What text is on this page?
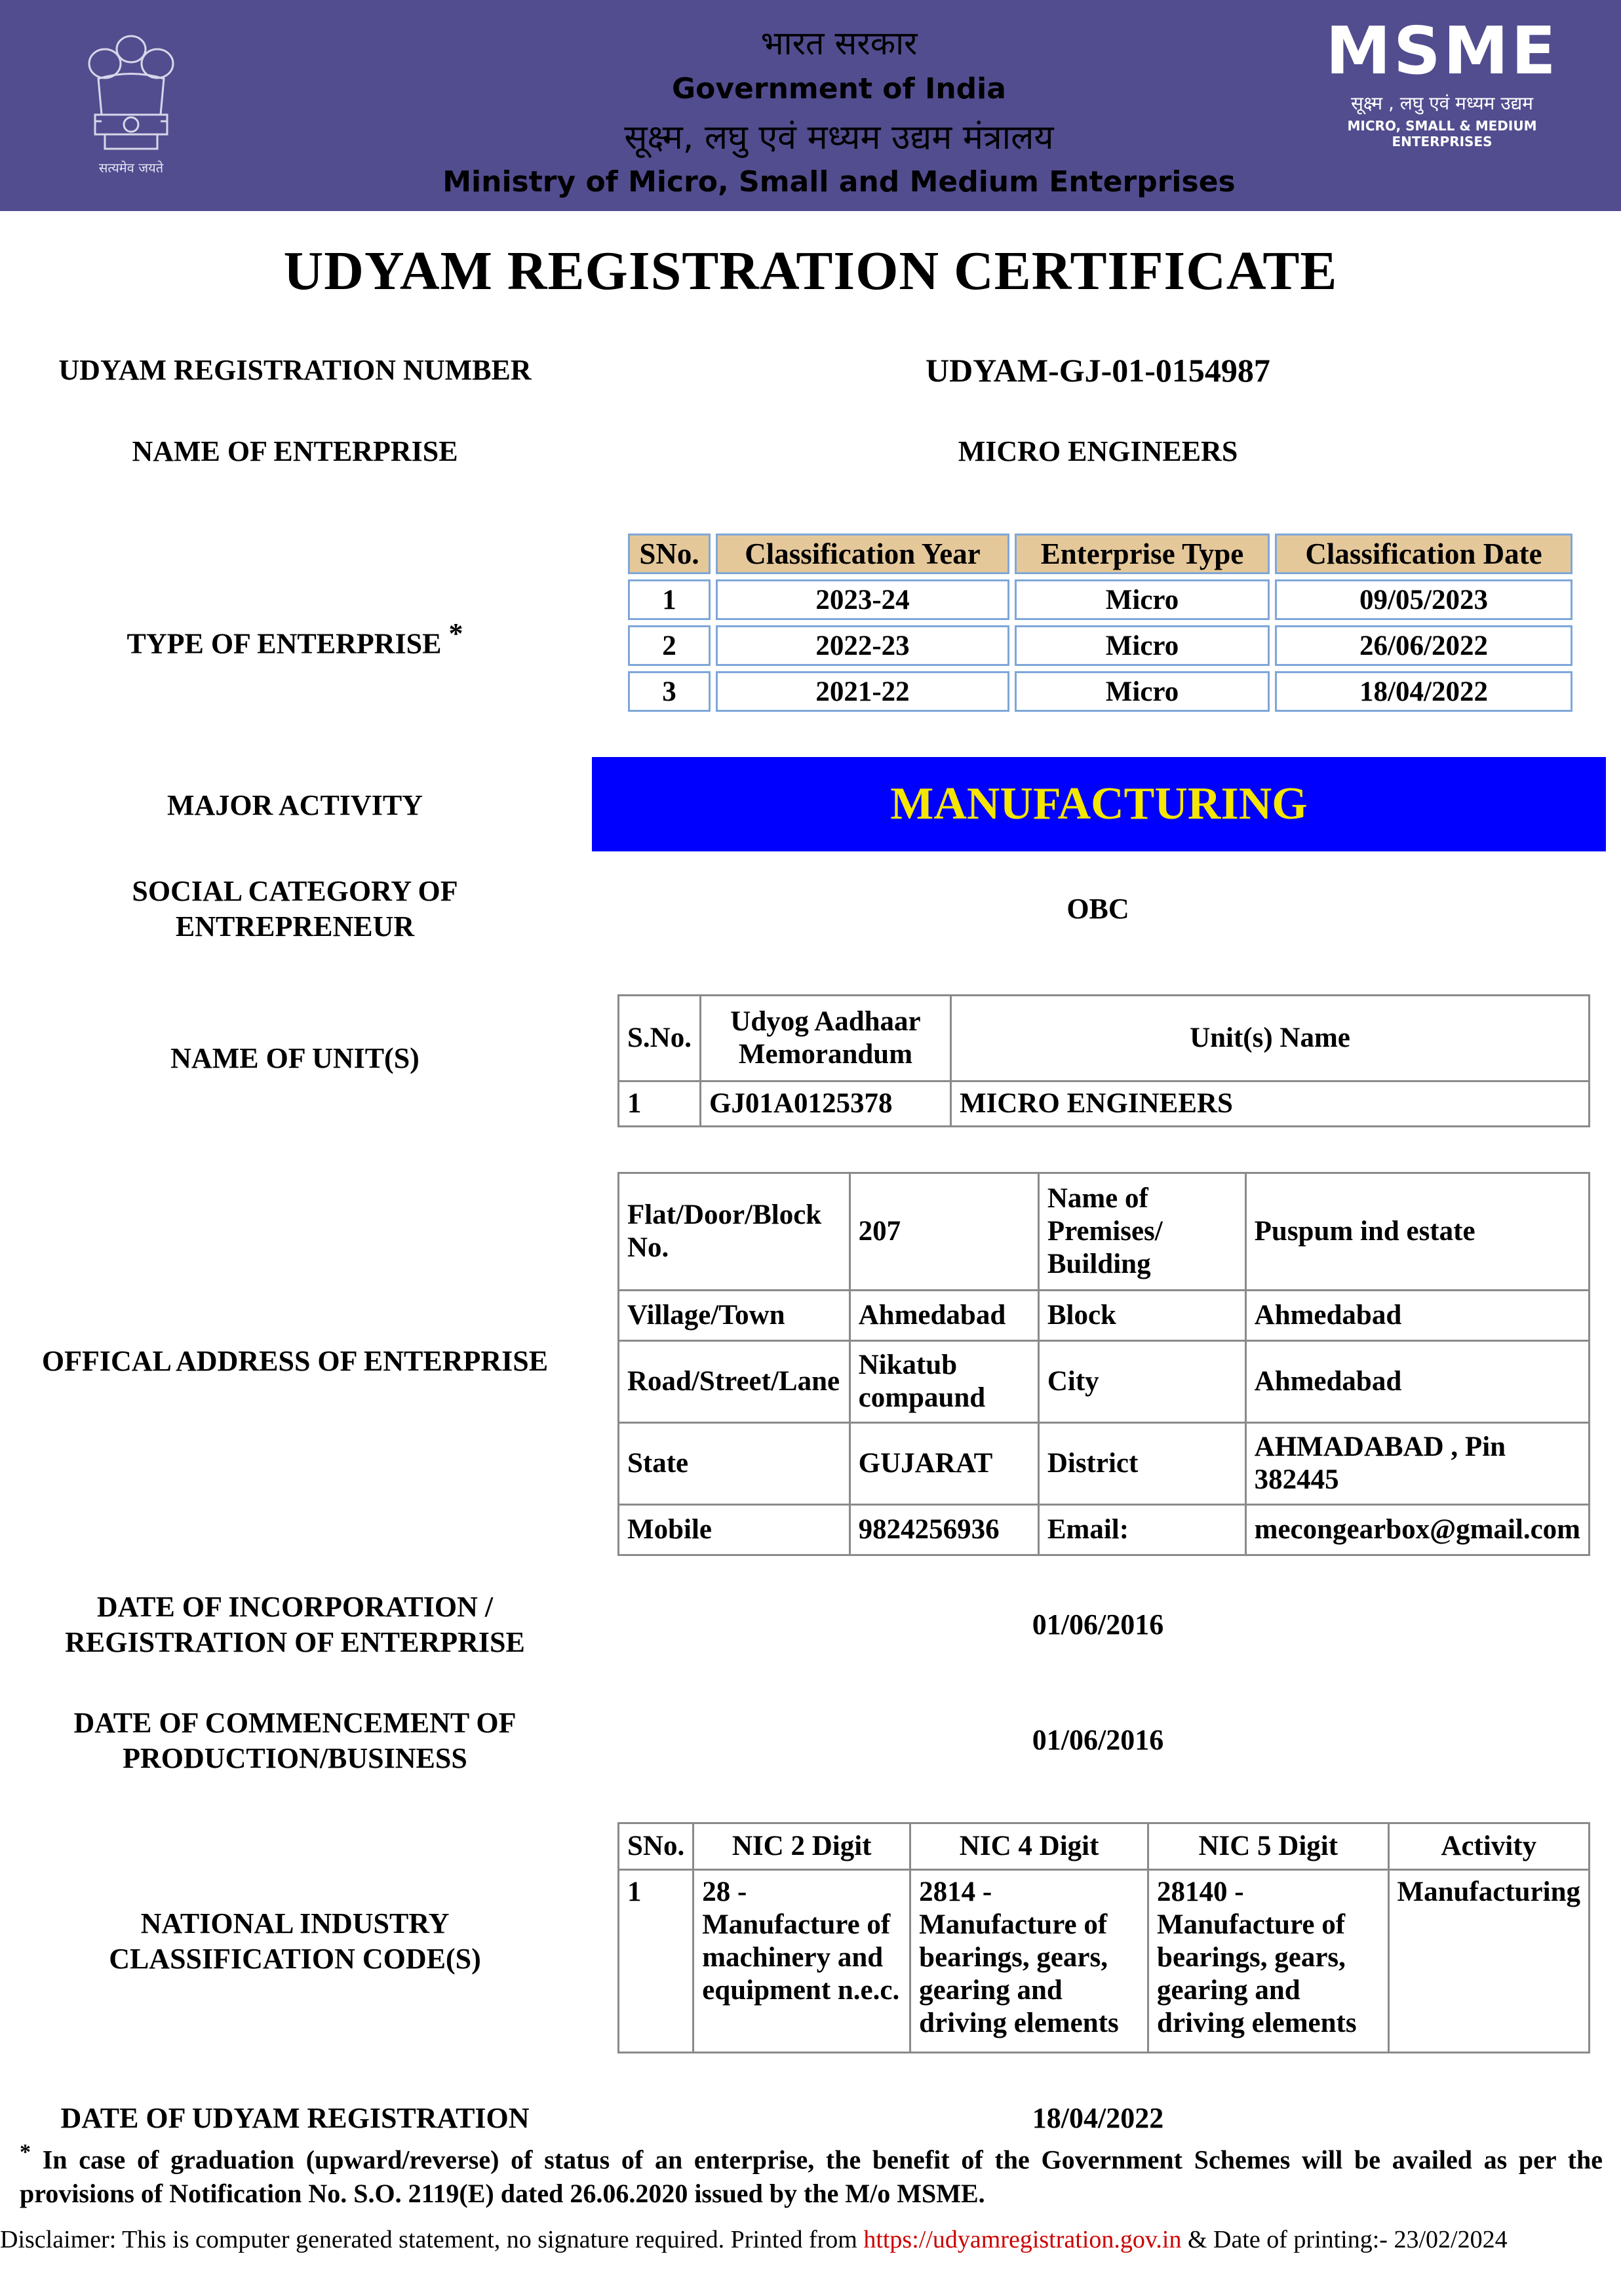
सत्यमेव जयते
भारत सरकार
Government of India
सूक्ष्म, लघु एवं मध्यम उद्यम मंत्रालय
Ministry of Micro, Small and Medium Enterprises
MSME
सूक्ष्म , लघु एवं मध्यम उद्यम
MICRO, SMALL & MEDIUM ENTERPRISES
UDYAM REGISTRATION CERTIFICATE
UDYAM REGISTRATION NUMBER	UDYAM-GJ-01-0154987
NAME OF ENTERPRISE	MICRO ENGINEERS
TYPE OF ENTERPRISE *
SNo.	Classification Year	Enterprise Type	Classification Date
1	2023-24	Micro	09/05/2023
2	2022-23	Micro	26/06/2022
3	2021-22	Micro	18/04/2022
MAJOR ACTIVITY	MANUFACTURING
SOCIAL CATEGORY OF
ENTREPRENEUR
OBC
NAME OF UNIT(S)
S.No.	Udyog Aadhaar Memorandum	Unit(s) Name
1	GJ01A0125378	MICRO ENGINEERS
OFFICAL ADDRESS OF ENTERPRISE
Flat/Door/Block No.	207	Name of Premises/ Building	Puspum ind estate
Village/Town	Ahmedabad	Block	Ahmedabad
Road/Street/Lane	Nikatub compaund	City	Ahmedabad
State	GUJARAT	District	AHMADABAD , Pin 382445
Mobile	9824256936	Email:	mecongearbox@gmail.com
DATE OF INCORPORATION /
REGISTRATION OF ENTERPRISE
01/06/2016
DATE OF COMMENCEMENT OF
PRODUCTION/BUSINESS
01/06/2016
NATIONAL INDUSTRY
CLASSIFICATION CODE(S)
SNo.	NIC 2 Digit	NIC 4 Digit	NIC 5 Digit	Activity
1	28 - Manufacture of machinery and equipment n.e.c.	2814 - Manufacture of bearings, gears, gearing and driving elements	28140 - Manufacture of bearings, gears, gearing and driving elements	Manufacturing
DATE OF UDYAM REGISTRATION	18/04/2022
* In case of graduation (upward/reverse) of status of an enterprise, the benefit of the Government Schemes will be availed as per the provisions of Notification No. S.O. 2119(E) dated 26.06.2020 issued by the M/o MSME.
Disclaimer: This is computer generated statement, no signature required. Printed from https://udyamregistration.gov.in & Date of printing:- 23/02/2024
